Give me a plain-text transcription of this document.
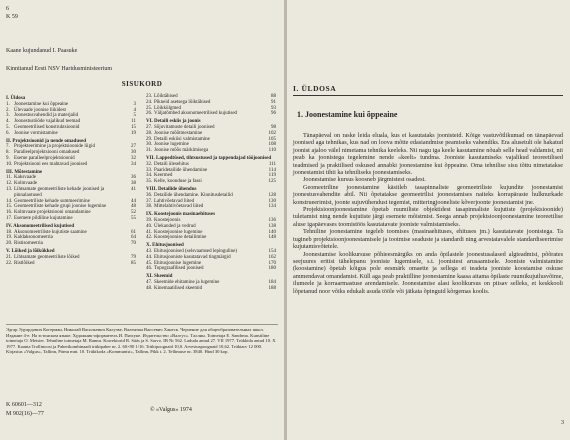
6
K 59
Kaane kujundanud I. Paasuke
Kinnitanud Eesti NSV Haridusministeerium
SISUKORD
I. Üldosa
1. Joonestamine kui õppeaine	3
2. Ülevaade joonise liikidest	4
3. Joonestusvahendid ja materjalid	5
4. Joonestustööde vajalikud teemad	11
5. Geomeetrilised konstruktsioonid	15
6. Joonise vormistamine	19
II. Projektsioonid ja nende omadused
7. Projekteerimine ja projektsioonide liigid	27
8. Paralleelprojektsiooni omadused	30
9. Eseme paralleelprojektsioonid	32
10. Projektsiooni ees mahtavad joonised	34
III. Mõtestamine
11. Kaksvaade	36
12. Kolmvaade	38
13. Lihtsamate geomeetriliste kehade joonised ja pinnalaotused
41
14. Geomeetriliste kehade summeerimine	44
15. Geomeetriliste kehade grupi joonise lugemine	48
16. Kolmvaate projektsiooni omandamine	52
17. Esemete pildiline kujutamine	55
IV. Aksonomeetrilised kujutised
18. Aksonomeetriliste kujutiste saamine	61
19. Kaldaksonomeetria	64
20. Ristisomeetria	70
V. Lõiked ja lõikükked
21. Lihtsamate geomeetriliste lõiked	79
22. Ristlõiked	85
23. Lõiktähised	88
24. Pikneid asetsega lõiktähised	91
25. Lõikkülgmed	93
26. Väljatõmbed aksonomeetrilised kujutised	96
VI. Detaili eskiis ja joonis
27. Sõjuvitamuste detaili joonised	98
28. Joonise mõõtmestamine	102
29. Detaili eskiisi valmistamine	105
30. Joonise lugemine	108
31. Joonise mõõs märkimisega	110
VII. Lappedtüsed, tihtsustused ja tappendajad tööjoonised
32. Detaili ülesehitus	111
33. Paaridetailide ühendamine	114
34. Keermed	119
35. Kelle, koonduse ja fassi	125
VIII. Detailide ühendus
36. Detailide ühendamine. Kinnitusdetailid	128
37. Lahtivõetavad liited	130
38. Mittelahtivõetavad liited	134
IX. Koostejoonis masinaehituses
39. Koostejoonis	136
40. Ülekanded ja vedrud	138
41. Koostejoonise lugemine	140
42. Koostejoonise detailimine	148
X. Ehitusjoonised
43. Ehitusjoonised (selsvaamsed lepinguline)	154
44. Ehitusjooniste kasutatavad tingmärgid	162
45. Ehitusjoonise lugemine	170
46. Topograafilised joonised	180
XI. Skeemid
47. Skeemide ehitamine ja lugemine	184
48. Kinemaatilised skeemid	188
Эдгар Эдуардович Когерман, Николай Васильевич Калузве, Валентин Ваосевич Ханеск. Черчение для общеобразовательных школ. Издание 4-е. На эстонском языке. Художник-оформитель И. Пяэсуке. Издательство «Валгус». Таллин. Toimetaja E. Sandrma. Kunstiline toimetaja O. Meister. Tehniline toimetaja M. Rannu. Korrektorid R. Sääs ja S. Sarvo. IB Nr 562. Laduda antud 27. VII 1977. Trükkida antud 10. X 1977. Kaanta Trollinoosi ja Paberikombinaadi trükipaber nr. 2. 60×90 1/16. Trükipoognaid 10,0. Arvestuspoognaid 10,62. Trükiarv 12 000. Kirjastus «Valgus», Tallinn, Pärnu mnt. 10. Trükikoda «Kommunist», Tallinn, Pikk t. 2. Tellimuse nr. 3840. Hind 30 kop.
K 60601—312
M 902(16)—77
© «Valgus» 1974
I. ÜLDOSA
1. Joonestamine kui õppeaine

Tänapäeval on raske leida eluala, kus ei kasutataks joonisteid. Kõige vastuvõtlikumad on tänapäevad joonised aga tehnikas, kus nad on loova mõtte edasiandmise peamiseks vahendiks. Era alusetult ole hakatud joonist ajaloo välel nimetama tehnika keeleks. Nii nagu iga keele kasutamine nõuab selle head valdamist, nii peab ka joonistega tegelemine nende «keelt» tundma. Jooniste kasutamiseks vajalikud teoreetilised teadmised ja praktilised oskused annabki joonestamine kui õppeaine. Oma tehnilise sisu tõttu nimetatakse joonestamist tihti ka tehniliseks joonestamiseks.

Joonestamise kursus koosneb järgmistest osadest.

Geomeetriline joonestamine käsitleb tasapinnaliste geomeetriliste kujundite joonestamist joonestusvahendite abil. Nii õpetatakse geomeetrilisi joonestamises naiteks korrapäraste hulknurkade konstrueerimist, joonte sujuvühendust tegemist, mitteringjooneliste kõverjoonte joonestamist jne.

Projektsioonjoonestamine õpetab ruumiliste objektidest tasapinnaliste kujutiste (projektsioonide) tuletamist ning nende kujutiste järgi esemete mõistmist. Seega annab projektsioonjoonestamine teoreetilise aluse igapäevases toomistöös kasutatavate jooniste valmistamiseks.

Tehniline joonestamine tegeleb toomises (masinaehituses, ehituses jm.) kasutatavate joonistega. Ta tugineb projektsioonjoonestamisele ja tootmise seaduste ja standardi ning arvestatavalele standardiseerimise kujutamisvõtetele.

Joonestamise koolikursuse põhieesmärgiks on anda õpilastele joonestusalased algteadmisi, põõrates seejuures eritist tähelepanu jooniste lugemisele, s.t. joonistest arusaamisele. Jooniste valmistamine (koostamine) õpetab kõigus pole eesmärk omaette ja sellega ei teadeta jooniste koostamise oskuse ammendavat omandamist. Küll aga peab praktilline joonestamine kaasa aitama õpilaste ruumikujutlusvõime, ilumeele ja korraarmastuse arendamisele. Joonestamise alasi koolikursus on piisav selleks, et keskkooli lõpetanud noor võiks edukalt asuda tööle või jätkata õpinguid kõrgemas koolis.

3
